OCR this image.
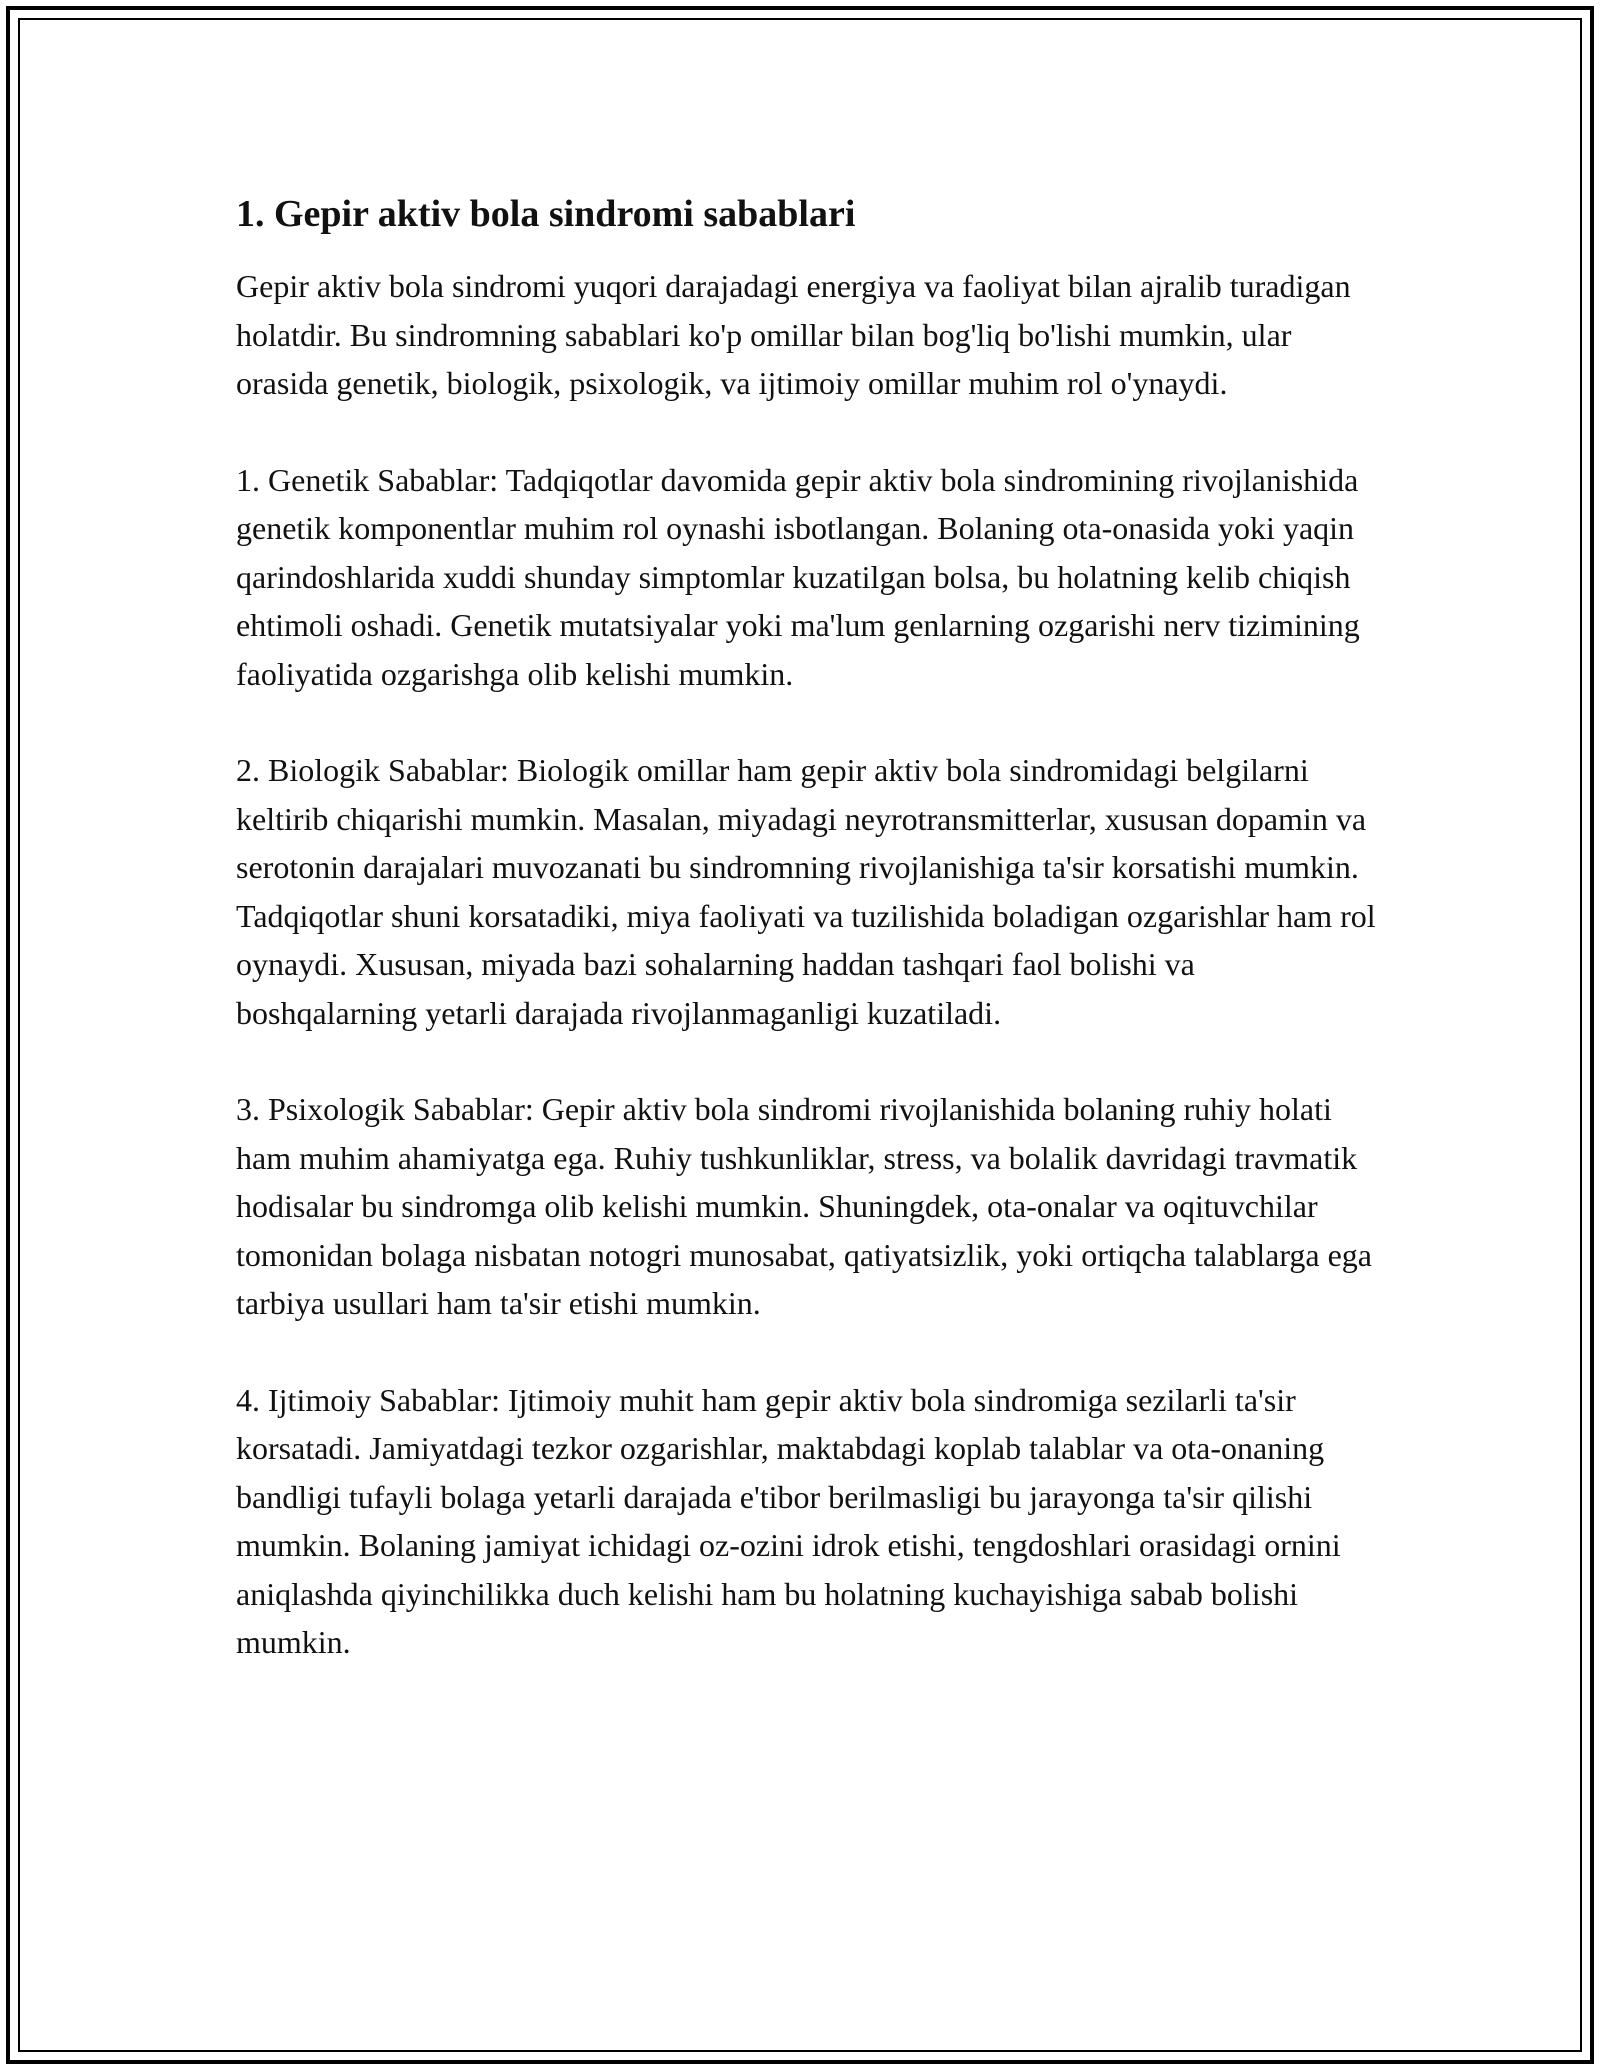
1. Gepir aktiv bola sindromi sabablari

Gepir aktiv bola sindromi yuqori darajadagi energiya va faoliyat bilan ajralib turadigan holatdir. Bu sindromning sabablari ko'p omillar bilan bog'liq bo'lishi mumkin, ular orasida genetik, biologik, psixologik, va ijtimoiy omillar muhim rol o'ynaydi.

1. Genetik Sabablar: Tadqiqotlar davomida gepir aktiv bola sindromining rivojlanishida genetik komponentlar muhim rol oynashi isbotlangan. Bolaning ota-onasida yoki yaqin qarindoshlarida xuddi shunday simptomlar kuzatilgan bolsa, bu holatning kelib chiqish ehtimoli oshadi. Genetik mutatsiyalar yoki ma'lum genlarning ozgarishi nerv tizimining faoliyatida ozgarishga olib kelishi mumkin.

2. Biologik Sabablar: Biologik omillar ham gepir aktiv bola sindromidagi belgilarni keltirib chiqarishi mumkin. Masalan, miyadagi neyrotransmitterlar, xususan dopamin va serotonin darajalari muvozanati bu sindromning rivojlanishiga ta'sir korsatishi mumkin. Tadqiqotlar shuni korsatadiki, miya faoliyati va tuzilishida boladigan ozgarishlar ham rol oynaydi. Xususan, miyada bazi sohalarning haddan tashqari faol bolishi va boshqalarning yetarli darajada rivojlanmaganligi kuzatiladi.

3. Psixologik Sabablar: Gepir aktiv bola sindromi rivojlanishida bolaning ruhiy holati ham muhim ahamiyatga ega. Ruhiy tushkunliklar, stress, va bolalik davridagi travmatik hodisalar bu sindromga olib kelishi mumkin. Shuningdek, ota-onalar va oqituvchilar tomonidan bolaga nisbatan notogri munosabat, qatiyatsizlik, yoki ortiqcha talablarga ega tarbiya usullari ham ta'sir etishi mumkin.

4. Ijtimoiy Sabablar: Ijtimoiy muhit ham gepir aktiv bola sindromiga sezilarli ta'sir korsatadi. Jamiyatdagi tezkor ozgarishlar, maktabdagi koplab talablar va ota-onaning bandligi tufayli bolaga yetarli darajada e'tibor berilmasligi bu jarayonga ta'sir qilishi mumkin. Bolaning jamiyat ichidagi oz-ozini idrok etishi, tengdoshlari orasidagi ornini aniqlashda qiyinchilikka duch kelishi ham bu holatning kuchayishiga sabab bolishi mumkin.
